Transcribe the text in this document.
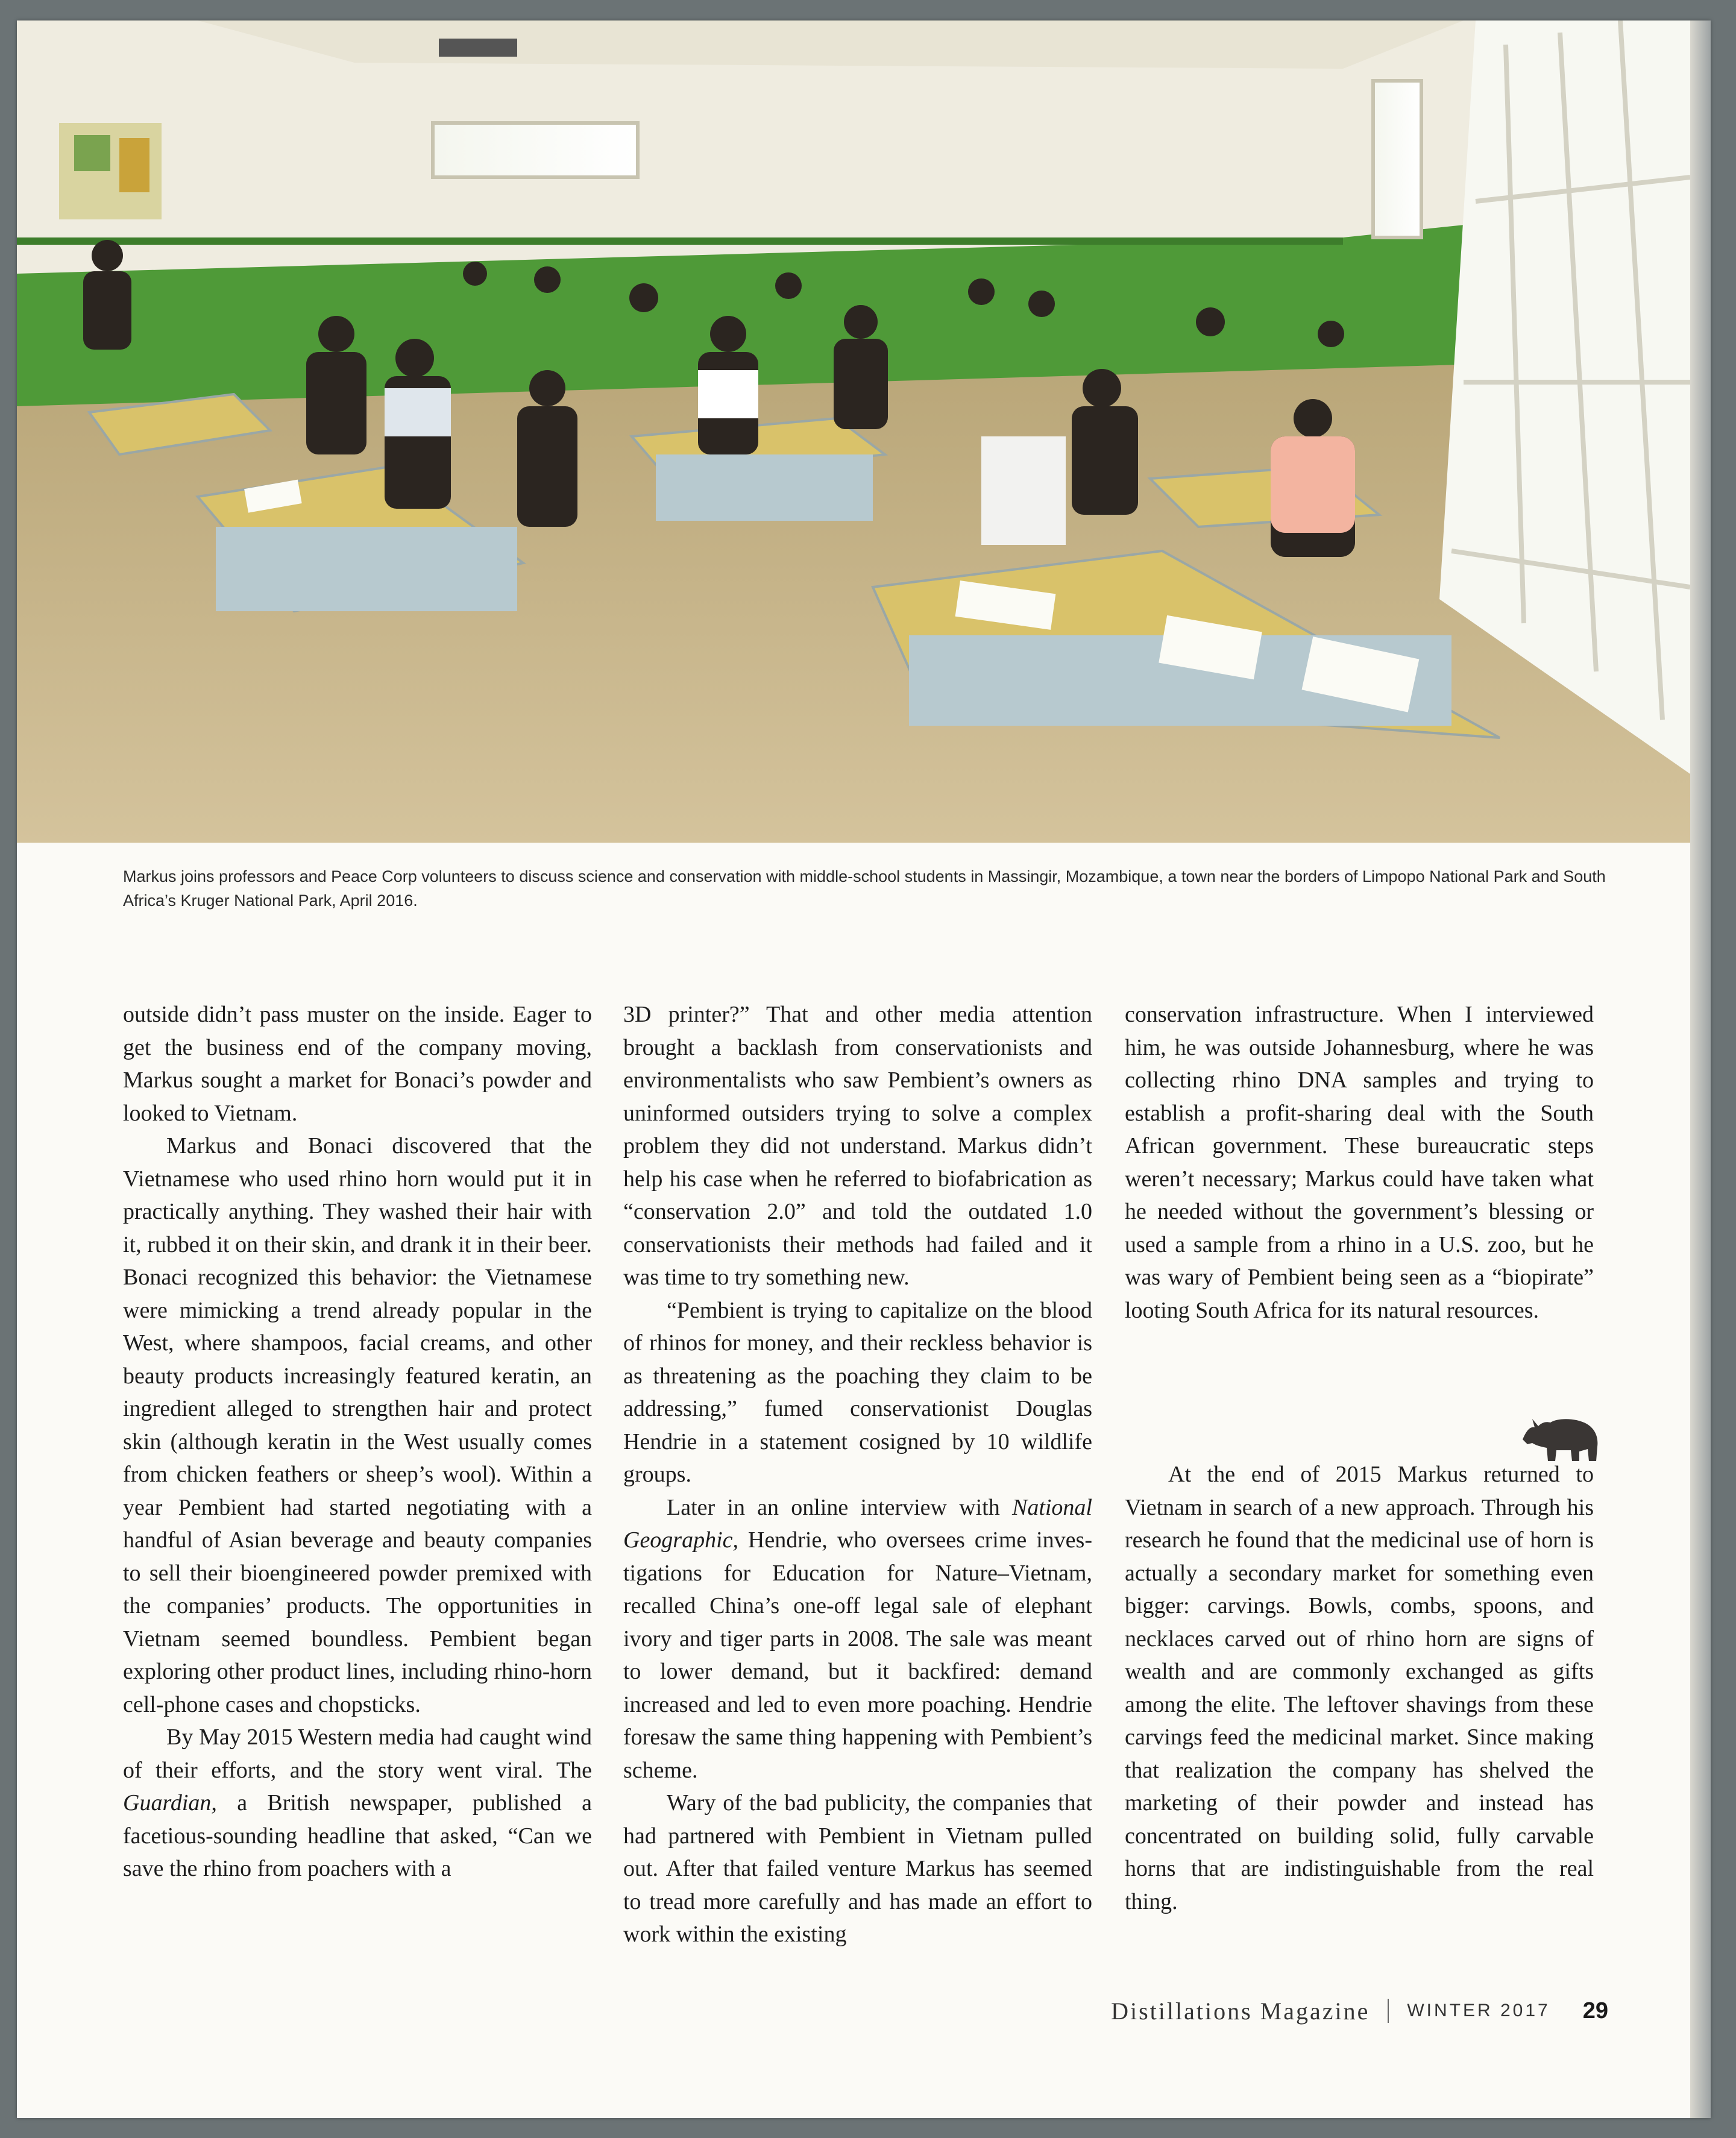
Markus joins professors and Peace Corp volunteers to discuss science and conservation with middle-school students in Massingir, Mozambique, a town near the borders of Limpopo National Park and South Africa’s Kruger National Park, April 2016.

outside didn’t pass muster on the inside. Eager to get the business end of the company moving, Markus sought a market for Bonaci’s powder and looked to Vietnam.

Markus and Bonaci discovered that the Vietnamese who used rhino horn would put it in practically anything. They washed their hair with it, rubbed it on their skin, and drank it in their beer. Bonaci recognized this behavior: the Vietnamese were mimicking a trend already popular in the West, where shampoos, facial creams, and other beauty products increasingly featured keratin, an ingredient alleged to strengthen hair and protect skin (although keratin in the West usually comes from chicken feathers or sheep’s wool). Within a year Pembient had started negotiating with a handful of Asian beverage and beauty companies to sell their bioengineered powder premixed with the companies’ products. The opportunities in Vietnam seemed boundless. Pembient began exploring other product lines, including rhino-horn cell-phone cases and chopsticks.

By May 2015 Western media had caught wind of their efforts, and the story went viral. The Guardian, a British newspaper, published a facetious-sounding headline that asked, “Can we save the rhino from poachers with a

3D printer?” That and other media attention brought a backlash from conservationists and environmentalists who saw Pembient’s owners as uninformed outsiders trying to solve a complex problem they did not understand. Markus didn’t help his case when he referred to biofabrication as “conservation 2.0” and told the outdated 1.0 conservationists their methods had failed and it was time to try something new.

“Pembient is trying to capitalize on the blood of rhinos for money, and their reckless behavior is as threatening as the poaching they claim to be addressing,” fumed conservationist Douglas Hendrie in a statement cosigned by 10 wildlife groups.

Later in an online interview with National Geographic, Hendrie, who oversees crime investigations for Education for Nature–Vietnam, recalled China’s one-off legal sale of elephant ivory and tiger parts in 2008. The sale was meant to lower demand, but it backfired: demand increased and led to even more poaching. Hendrie foresaw the same thing happening with Pembient’s scheme.

Wary of the bad publicity, the companies that had partnered with Pembient in Vietnam pulled out. After that failed venture Markus has seemed to tread more carefully and has made an effort to work within the existing

conservation infrastructure. When I interviewed him, he was outside Johannesburg, where he was collecting rhino DNA samples and trying to establish a profit-sharing deal with the South African government. These bureaucratic steps weren’t necessary; Markus could have taken what he needed without the government’s blessing or used a sample from a rhino in a U.S. zoo, but he was wary of Pembient being seen as a “biopirate” looting South Africa for its natural resources.

At the end of 2015 Markus returned to Vietnam in search of a new approach. Through his research he found that the medicinal use of horn is actually a secondary market for something even bigger: carvings. Bowls, combs, spoons, and necklaces carved out of rhino horn are signs of wealth and are commonly exchanged as gifts among the elite. The leftover shavings from these carvings feed the medicinal market. Since making that realization the company has shelved the marketing of their powder and instead has concentrated on building solid, fully carvable horns that are indistinguishable from the real thing.

Distillations Magazine WINTER 2017 29
